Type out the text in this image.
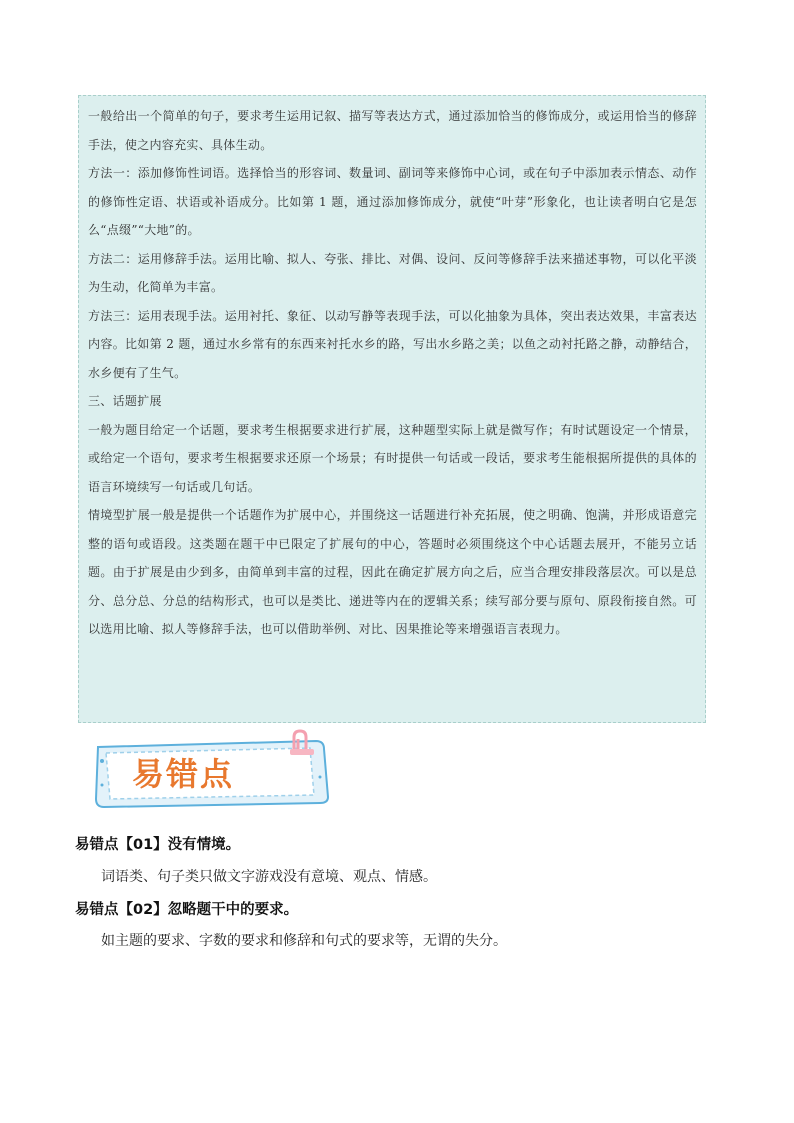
一般给出一个简单的句子，要求考生运用记叙、描写等表达方式，通过添加恰当的修饰成分，或运用恰当的修辞手法，使之内容充实、具体生动。

方法一：添加修饰性词语。选择恰当的形容词、数量词、副词等来修饰中心词，或在句子中添加表示情态、动作的修饰性定语、状语或补语成分。比如第 1 题，通过添加修饰成分，就使“叶芽”形象化，也让读者明白它是怎么“点缀”“大地”的。

方法二：运用修辞手法。运用比喻、拟人、夸张、排比、对偶、设问、反问等修辞手法来描述事物，可以化平淡为生动，化简单为丰富。

方法三：运用表现手法。运用衬托、象征、以动写静等表现手法，可以化抽象为具体，突出表达效果，丰富表达内容。比如第 2 题，通过水乡常有的东西来衬托水乡的路，写出水乡路之美；以鱼之动衬托路之静，动静结合，水乡便有了生气。

三、话题扩展

一般为题目给定一个话题，要求考生根据要求进行扩展，这种题型实际上就是微写作；有时试题设定一个情景，或给定一个语句，要求考生根据要求还原一个场景；有时提供一句话或一段话，要求考生能根据所提供的具体的语言环境续写一句话或几句话。

情境型扩展一般是提供一个话题作为扩展中心，并围绕这一话题进行补充拓展，使之明确、饱满，并形成语意完整的语句或语段。这类题在题干中已限定了扩展句的中心，答题时必须围绕这个中心话题去展开，不能另立话题。由于扩展是由少到多，由简单到丰富的过程，因此在确定扩展方向之后，应当合理安排段落层次。可以是总分、总分总、分总的结构形式，也可以是类比、递进等内在的逻辑关系；续写部分要与原句、原段衔接自然。可以选用比喻、拟人等修辞手法，也可以借助举例、对比、因果推论等来增强语言表现力。

易错点
易错点【01】没有情境。
词语类、句子类只做文字游戏没有意境、观点、情感。
易错点【02】忽略题干中的要求。
如主题的要求、字数的要求和修辞和句式的要求等，无谓的失分。
